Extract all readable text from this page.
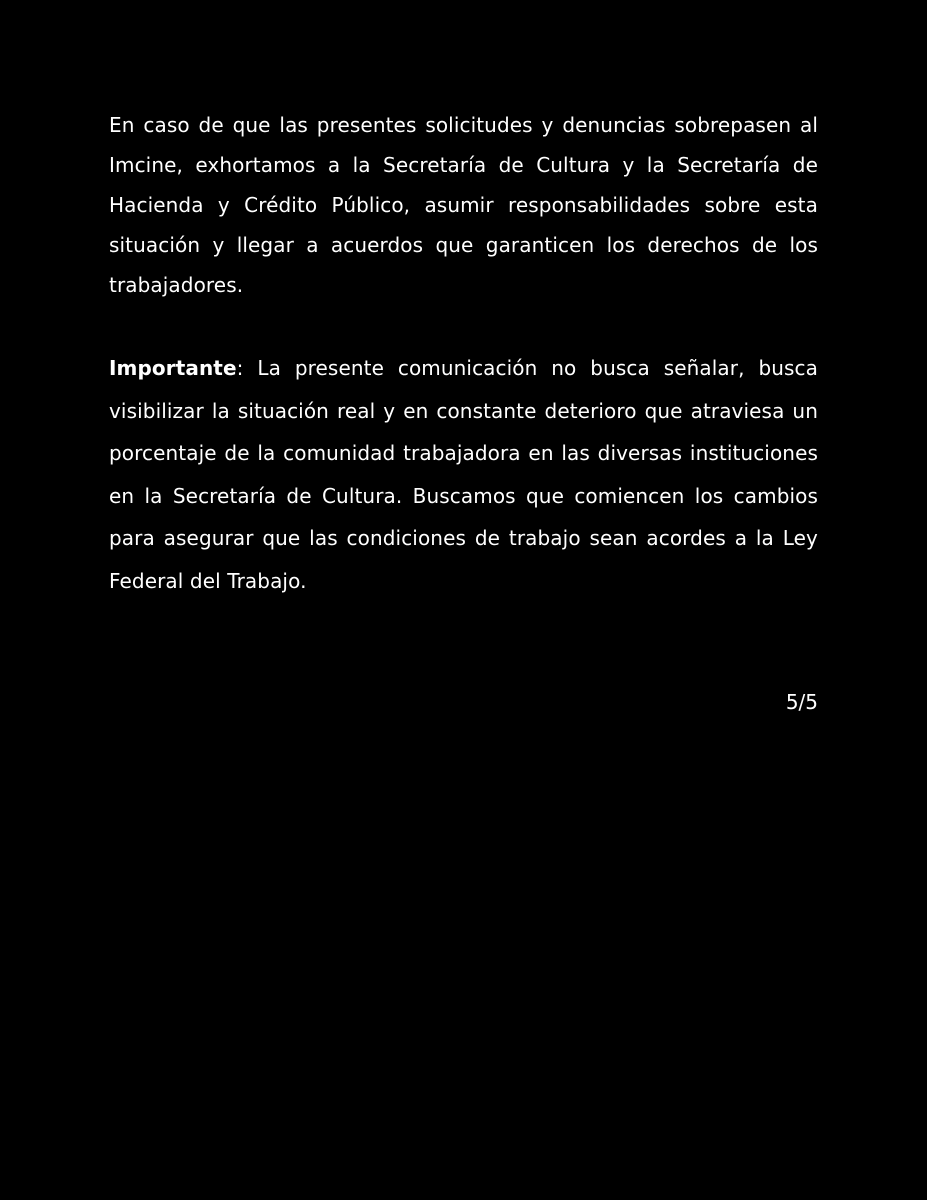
En caso de que las presentes solicitudes y denuncias sobrepasen al Imcine, exhortamos a la Secretaría de Cultura y la Secretaría de Hacienda y Crédito Público, asumir responsabilidades sobre esta situación y llegar a acuerdos que garanticen los derechos de los trabajadores.

Importante: La presente comunicación no busca señalar, busca visibilizar la situación real y en constante deterioro que atraviesa un porcentaje de la comunidad trabajadora en las diversas instituciones en la Secretaría de Cultura. Buscamos que comiencen los cambios para asegurar que las condiciones de trabajo sean acordes a la Ley Federal del Trabajo.

5/5
